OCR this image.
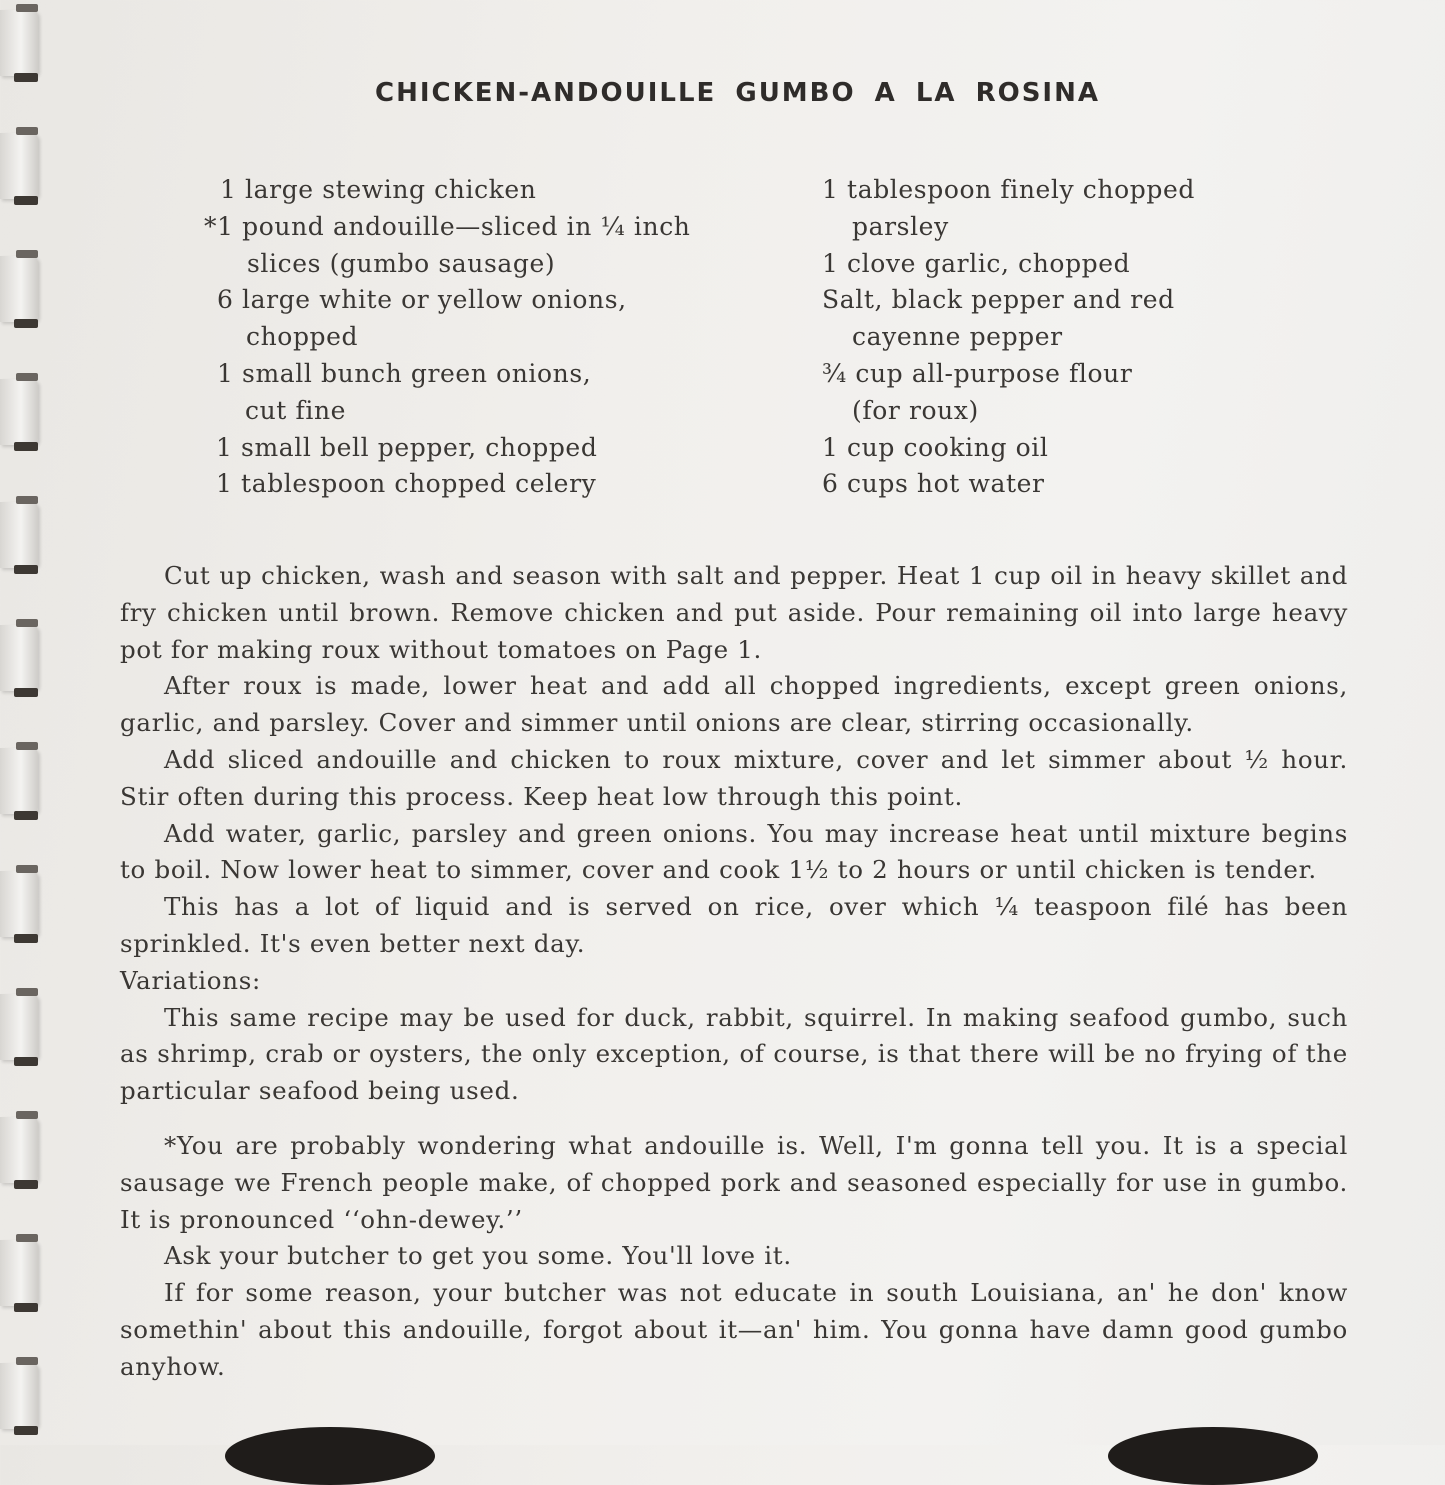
CHICKEN-ANDOUILLE GUMBO A LA ROSINA
1 large stewing chicken
*1 pound andouille—sliced in ¼ inch
slices (gumbo sausage)
6 large white or yellow onions,
chopped
1 small bunch green onions,
cut fine
1 small bell pepper, chopped
1 tablespoon chopped celery
1 tablespoon finely chopped
parsley
1 clove garlic, chopped
Salt, black pepper and red
cayenne pepper
¾ cup all-purpose flour
(for roux)
1 cup cooking oil
6 cups hot water

Cut up chicken, wash and season with salt and pepper. Heat 1 cup oil in heavy skillet and fry chicken until brown. Remove chicken and put aside. Pour remaining oil into large heavy pot for making roux without tomatoes on Page 1.

After roux is made, lower heat and add all chopped ingredients, except green onions, garlic, and parsley. Cover and simmer until onions are clear, stirring occasionally.

Add sliced andouille and chicken to roux mixture, cover and let simmer about ½ hour. Stir often during this process. Keep heat low through this point.

Add water, garlic, parsley and green onions. You may increase heat until mixture begins to boil. Now lower heat to simmer, cover and cook 1½ to 2 hours or until chicken is tender.

This has a lot of liquid and is served on rice, over which ¼ teaspoon filé has been sprinkled. It's even better next day.

Variations:

This same recipe may be used for duck, rabbit, squirrel. In making seafood gumbo, such as shrimp, crab or oysters, the only exception, of course, is that there will be no frying of the particular seafood being used.

*You are probably wondering what andouille is. Well, I'm gonna tell you. It is a special sausage we French people make, of chopped pork and seasoned especially for use in gumbo. It is pronounced ‘‘ohn-dewey.’’

Ask your butcher to get you some. You'll love it.

If for some reason, your butcher was not educate in south Louisiana, an' he don' know somethin' about this andouille, forgot about it—an' him. You gonna have damn good gumbo anyhow.
